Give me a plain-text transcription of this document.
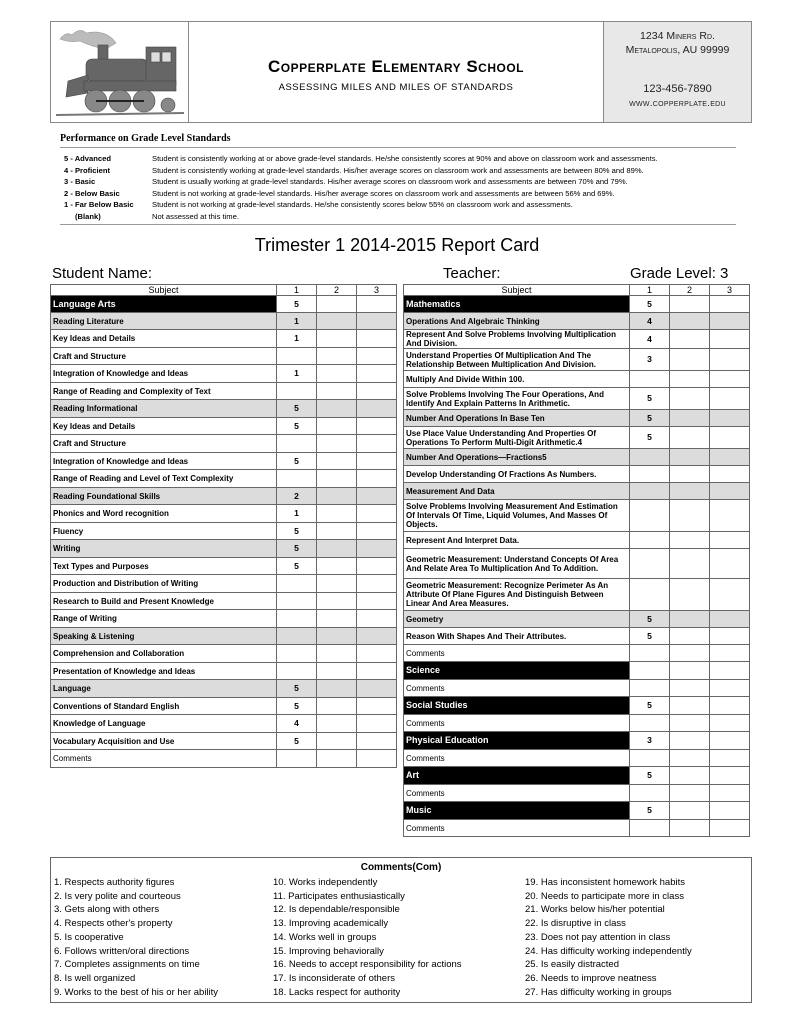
Copperplate Elementary School
ASSESSING MILES AND MILES OF STANDARDS
1234 Miners Rd.
Metalopolis, AU 99999
123-456-7890
www.copperplate.edu
Performance on Grade Level Standards
5 - Advanced	Student is consistently working at or above grade-level standards. He/she consistently scores at 90% and above on classroom work and assessments.
4 - Proficient	Student is consistently working at grade-level standards. His/her average scores on classroom work and assessments are between 80% and 89%.
3 - Basic	Student is usually working at grade-level standards. His/her average scores on classroom work and assessments are between 70% and 79%.
2 - Below Basic	Student is not working at grade-level standards. His/her average scores on classroom work and assessments are between 56% and 69%.
1 - Far Below Basic	Student is not working at grade-level standards. He/she consistently scores below 55% on classroom work and assessments.
(Blank)	Not assessed at this time.
Trimester 1 2014-2015 Report Card
Student Name:	Teacher:	Grade Level: 3
Subject	1	2	3
Language Arts	5		
Reading Literature	1		
Key Ideas and Details	1		
Craft and Structure			
Integration of Knowledge and Ideas	1		
Range of Reading and Complexity of Text			
Reading Informational	5		
Key Ideas and Details	5		
Craft and Structure			
Integration of Knowledge and Ideas	5		
Range of Reading and Level of Text Complexity			
Reading Foundational Skills	2		
Phonics and Word recognition	1		
Fluency	5		
Writing	5		
Text Types and Purposes	5		
Production and Distribution of Writing			
Research to Build and Present Knowledge			
Range of Writing			
Speaking & Listening			
Comprehension and Collaboration			
Presentation of Knowledge and Ideas			
Language	5		
Conventions of Standard English	5		
Knowledge of Language	4		
Vocabulary Acquisition and Use	5		
Comments			
Subject	1	2	3
Mathematics	5		
Operations And Algebraic Thinking	4		
Represent And Solve Problems Involving Multiplication And Division.	4		
Understand Properties Of Multiplication And The Relationship Between Multiplication And Division.	3		
Multiply And Divide Within 100.			
Solve Problems Involving The Four Operations, And Identify And Explain Patterns In Arithmetic.	5		
Number And Operations In Base Ten	5		
Use Place Value Understanding And Properties Of Operations To Perform Multi-Digit Arithmetic.4	5		
Number And Operations—Fractions5			
Develop Understanding Of Fractions As Numbers.			
Measurement And Data			
Solve Problems Involving Measurement And Estimation Of Intervals Of Time, Liquid Volumes, And Masses Of Objects.			
Represent And Interpret Data.			
Geometric Measurement: Understand Concepts Of Area And Relate Area To Multiplication And To Addition.			
Geometric Measurement: Recognize Perimeter As An Attribute Of Plane Figures And Distinguish Between Linear And Area Measures.			
Geometry	5		
Reason With Shapes And Their Attributes.	5		
Comments			
Science			
Comments			
Social Studies	5		
Comments			
Physical Education	3		
Comments			
Art	5		
Comments			
Music	5		
Comments			
Comments(Com)
1. Respects authority figures
2. Is very polite and courteous
3. Gets along with others
4. Respects other's property
5. Is cooperative
6. Follows written/oral directions
7. Completes assignments on time
8. Is well organized
9. Works to the best of his or her ability
10. Works independently
11. Participates enthusiastically
12. Is dependable/responsible
13. Improving academically
14. Works well in groups
15. Improving behaviorally
16. Needs to accept responsibility for actions
17. Is inconsiderate of others
18. Lacks respect for authority
19. Has inconsistent homework habits
20. Needs to participate more in class
21. Works below his/her potential
22. Is disruptive in class
23. Does not pay attention in class
24. Has difficulty working independently
25. Is easily distracted
26. Needs to improve neatness
27. Has difficulty working in groups
